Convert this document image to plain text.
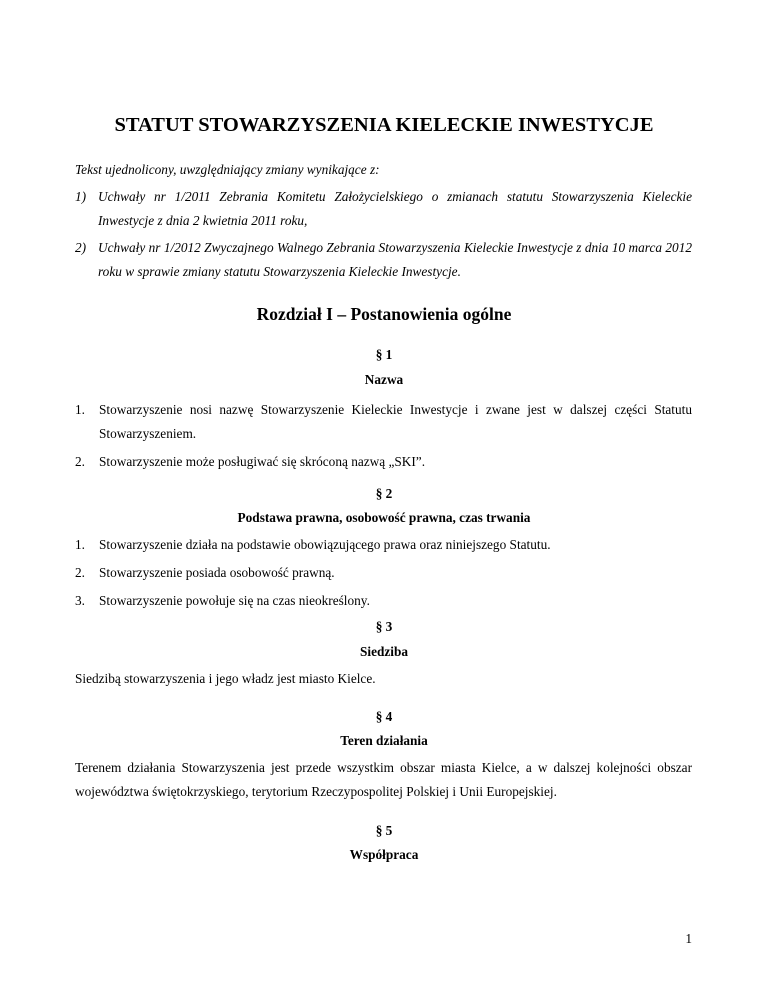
STATUT STOWARZYSZENIA KIELECKIE INWESTYCJE
Tekst ujednolicony, uwzględniający zmiany wynikające z:
1) Uchwały nr 1/2011 Zebrania Komitetu Założycielskiego o zmianach statutu Stowarzyszenia Kieleckie Inwestycje z dnia 2 kwietnia 2011 roku,
2) Uchwały nr 1/2012 Zwyczajnego Walnego Zebrania Stowarzyszenia Kieleckie Inwestycje z dnia 10 marca 2012 roku w sprawie zmiany statutu Stowarzyszenia Kieleckie Inwestycje.
Rozdział I – Postanowienia ogólne
§ 1
Nazwa
1. Stowarzyszenie nosi nazwę Stowarzyszenie Kieleckie Inwestycje i zwane jest w dalszej części Statutu Stowarzyszeniem.
2. Stowarzyszenie może posługiwać się skróconą nazwą „SKI”.
§ 2
Podstawa prawna, osobowość prawna, czas trwania
1. Stowarzyszenie działa na podstawie obowiązującego prawa oraz niniejszego Statutu.
2. Stowarzyszenie posiada osobowość prawną.
3. Stowarzyszenie powołuje się na czas nieokreślony.
§ 3
Siedziba

Siedzibą stowarzyszenia i jego władz jest miasto Kielce.

§ 4
Teren działania

Terenem działania Stowarzyszenia jest przede wszystkim obszar miasta Kielce, a w dalszej kolejności obszar województwa świętokrzyskiego, terytorium Rzeczypospolitej Polskiej i Unii Europejskiej.

§ 5
Współpraca
1
